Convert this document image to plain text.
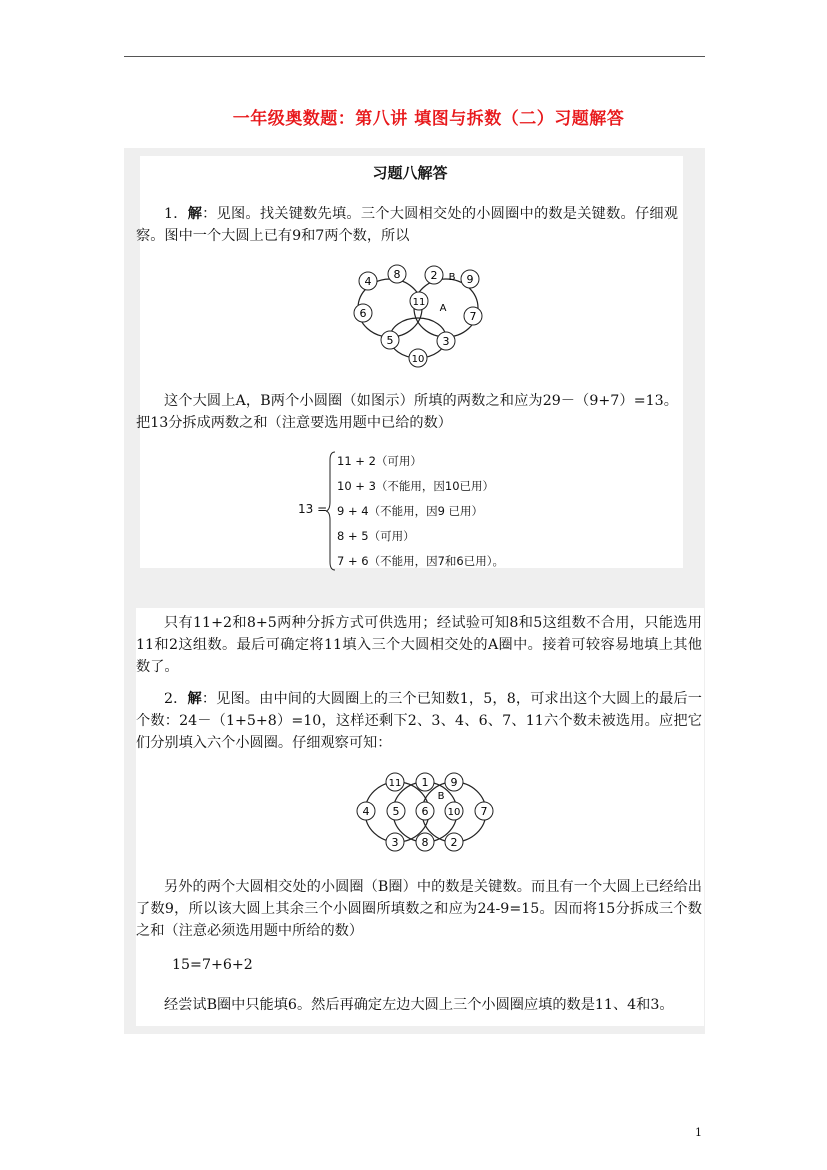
一年级奥数题：第八讲 填图与拆数（二）习题解答
习题八解答
1．解：见图。找关键数先填。三个大圆相交处的小圆圈中的数是关键数。仔细观察。图中一个大圆上已有9和7两个数，所以
8	2 B 9
4
11
A
6	7
5	3
10
这个大圆上A，B两个小圆圈（如图示）所填的两数之和应为29－（9+7）=13。把13分拆成两数之和（注意要选用题中已给的数）
13 =
11 + 2（可用）
10 + 3（不能用，因10已用）
9 + 4（不能用，因9 已用）
8 + 5（可用）
7 + 6（不能用，因7和6已用）。
只有11+2和8+5两种分拆方式可供选用；经试验可知8和5这组数不合用，只能选用11和2这组数。最后可确定将11填入三个大圆相交处的A圈中。接着可较容易地填上其他数了。
2．解：见图。由中间的大圆圈上的三个已知数1，5，8，可求出这个大圆上的最后一个数：24－（1+5+8）=10，这样还剩下2、3、4、6、7、11六个数未被选用。应把它们分别填入六个小圆圈。仔细观察可知：
11 1 9
B
4 5 6 10 7
3 8 2
另外的两个大圆相交处的小圆圈（B圈）中的数是关键数。而且有一个大圆上已经给出了数9，所以该大圆上其余三个小圆圈所填数之和应为24-9=15。因而将15分拆成三个数之和（注意必须选用题中所给的数）
15=7+6+2
经尝试B圈中只能填6。然后再确定左边大圆上三个小圆圈应填的数是11、4和3。
1
